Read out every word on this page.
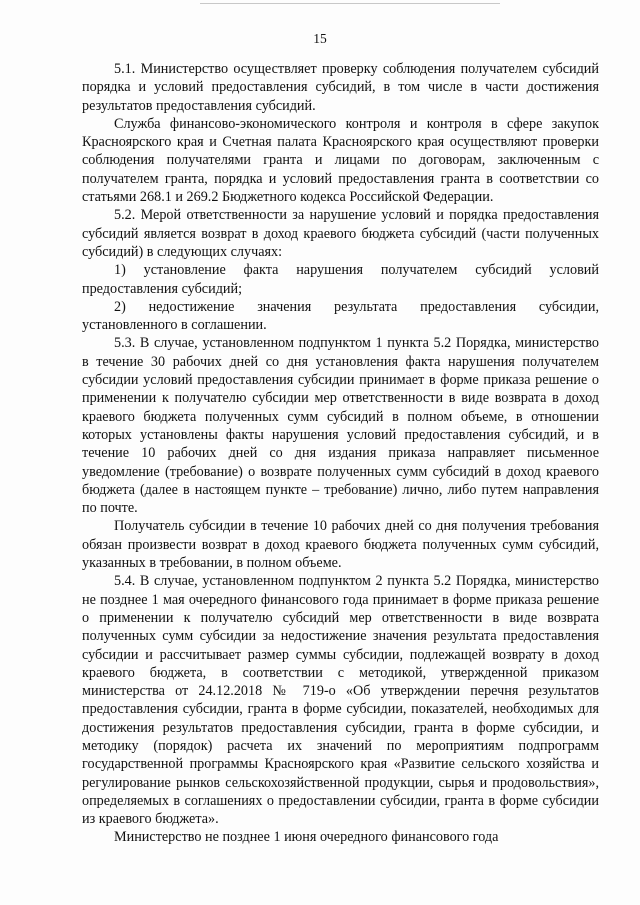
15

5.1. Министерство осуществляет проверку соблюдения получателем субсидий порядка и условий предоставления субсидий, в том числе в части достижения результатов предоставления субсидий.

Служба финансово-экономического контроля и контроля в сфере закупок Красноярского края и Счетная палата Красноярского края осуществляют проверки соблюдения получателями гранта и лицами по договорам, заключенным с получателем гранта, порядка и условий предоставления гранта в соответствии со статьями 268.1 и 269.2 Бюджетного кодекса Российской Федерации.

5.2. Мерой ответственности за нарушение условий и порядка предоставления субсидий является возврат в доход краевого бюджета субсидий (части полученных субсидий) в следующих случаях:

1) установление факта нарушения получателем субсидий условий предоставления субсидий;

2) недостижение значения результата предоставления субсидии, установленного в соглашении.

5.3. В случае, установленном подпунктом 1 пункта 5.2 Порядка, министерство в течение 30 рабочих дней со дня установления факта нарушения получателем субсидии условий предоставления субсидии принимает в форме приказа решение о применении к получателю субсидии мер ответственности в виде возврата в доход краевого бюджета полученных сумм субсидий в полном объеме, в отношении которых установлены факты нарушения условий предоставления субсидий, и в течение 10 рабочих дней со дня издания приказа направляет письменное уведомление (требование) о возврате полученных сумм субсидий в доход краевого бюджета (далее в настоящем пункте – требование) лично, либо путем направления по почте.

Получатель субсидии в течение 10 рабочих дней со дня получения требования обязан произвести возврат в доход краевого бюджета полученных сумм субсидий, указанных в требовании, в полном объеме.

5.4. В случае, установленном подпунктом 2 пункта 5.2 Порядка, министерство не позднее 1 мая очередного финансового года принимает в форме приказа решение о применении к получателю субсидий мер ответственности в виде возврата полученных сумм субсидии за недостижение значения результата предоставления субсидии и рассчитывает размер суммы субсидии, подлежащей возврату в доход краевого бюджета, в соответствии с методикой, утвержденной приказом министерства от 24.12.2018 № 719-о «Об утверждении перечня результатов предоставления субсидии, гранта в форме субсидии, показателей, необходимых для достижения результатов предоставления субсидии, гранта в форме субсидии, и методику (порядок) расчета их значений по мероприятиям подпрограмм государственной программы Красноярского края «Развитие сельского хозяйства и регулирование рынков сельскохозяйственной продукции, сырья и продовольствия», определяемых в соглашениях о предоставлении субсидии, гранта в форме субсидии из краевого бюджета».

Министерство не позднее 1 июня очередного финансового года
